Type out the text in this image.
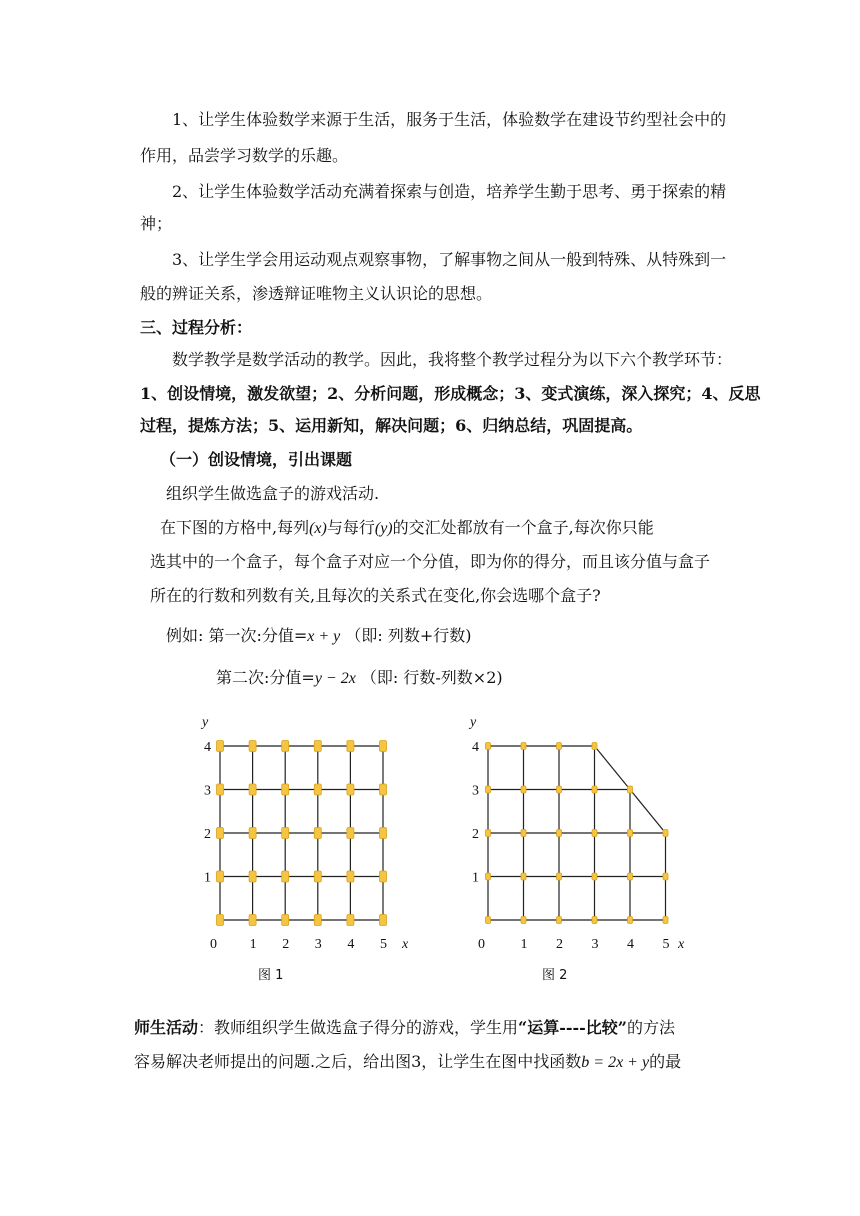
1、让学生体验数学来源于生活，服务于生活，体验数学在建设节约型社会中的
作用，品尝学习数学的乐趣。
2、让学生体验数学活动充满着探索与创造，培养学生勤于思考、勇于探索的精
神；
3、让学生学会用运动观点观察事物，了解事物之间从一般到特殊、从特殊到一
般的辨证关系，渗透辩证唯物主义认识论的思想。
三、过程分析：
数学教学是数学活动的教学。因此，我将整个教学过程分为以下六个教学环节：
1、创设情境，激发欲望；2、分析问题，形成概念；3、变式演练，深入探究；4、反思
过程，提炼方法；5、运用新知，解决问题；6、归纳总结，巩固提高。
（一）创设情境，引出课题
组织学生做选盒子的游戏活动.
在下图的方格中,每列(x)与每行(y)的交汇处都放有一个盒子,每次你只能
选其中的一个盒子，每个盒子对应一个分值，即为你的得分，而且该分值与盒子
所在的行数和列数有关,且每次的关系式在变化,你会选哪个盒子?
例如: 第一次:分值=x + y （即: 列数+行数)
第二次:分值=y − 2x （即: 行数-列数×2)
y
x
1
2
3
4
0 1 2 3 4 5
图 1
y
x
1
2
3
4
0	1 2 3 4 5
图 2
师生活动：教师组织学生做选盒子得分的游戏，学生用“运算----比较”的方法
容易解决老师提出的问题.之后，给出图3，让学生在图中找函数b = 2x + y的最
